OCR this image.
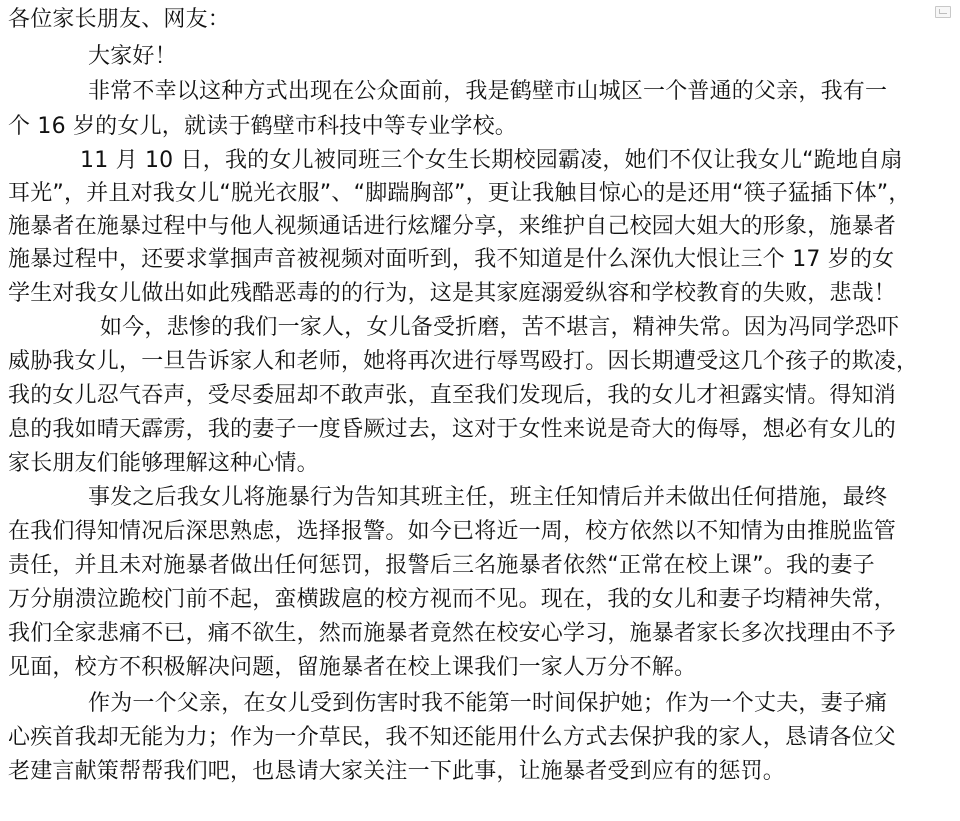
各位家长朋友、网友：
大家好！
非常不幸以这种方式出现在公众面前，我是鹤壁市山城区一个普通的父亲，我有一
个 16 岁的女儿，就读于鹤壁市科技中等专业学校。
11 月 10 日，我的女儿被同班三个女生长期校园霸凌，她们不仅让我女儿“跪地自扇
耳光”，并且对我女儿“脱光衣服”、“脚踹胸部”，更让我触目惊心的是还用“筷子猛插下体”，
施暴者在施暴过程中与他人视频通话进行炫耀分享，来维护自己校园大姐大的形象，施暴者
施暴过程中，还要求掌掴声音被视频对面听到，我不知道是什么深仇大恨让三个 17 岁的女
学生对我女儿做出如此残酷恶毒的的行为，这是其家庭溺爱纵容和学校教育的失败，悲哉！
如今，悲惨的我们一家人，女儿备受折磨，苦不堪言，精神失常。因为冯同学恐吓
威胁我女儿，一旦告诉家人和老师，她将再次进行辱骂殴打。因长期遭受这几个孩子的欺凌，
我的女儿忍气吞声，受尽委屈却不敢声张，直至我们发现后，我的女儿才袒露实情。得知消
息的我如晴天霹雳，我的妻子一度昏厥过去，这对于女性来说是奇大的侮辱，想必有女儿的
家长朋友们能够理解这种心情。
事发之后我女儿将施暴行为告知其班主任，班主任知情后并未做出任何措施，最终
在我们得知情况后深思熟虑，选择报警。如今已将近一周，校方依然以不知情为由推脱监管
责任，并且未对施暴者做出任何惩罚，报警后三名施暴者依然“正常在校上课”。我的妻子
万分崩溃泣跪校门前不起，蛮横跋扈的校方视而不见。现在，我的女儿和妻子均精神失常，
我们全家悲痛不已，痛不欲生，然而施暴者竟然在校安心学习，施暴者家长多次找理由不予
见面，校方不积极解决问题，留施暴者在校上课我们一家人万分不解。
作为一个父亲，在女儿受到伤害时我不能第一时间保护她；作为一个丈夫，妻子痛
心疾首我却无能为力；作为一介草民，我不知还能用什么方式去保护我的家人，恳请各位父
老建言献策帮帮我们吧，也恳请大家关注一下此事，让施暴者受到应有的惩罚。
